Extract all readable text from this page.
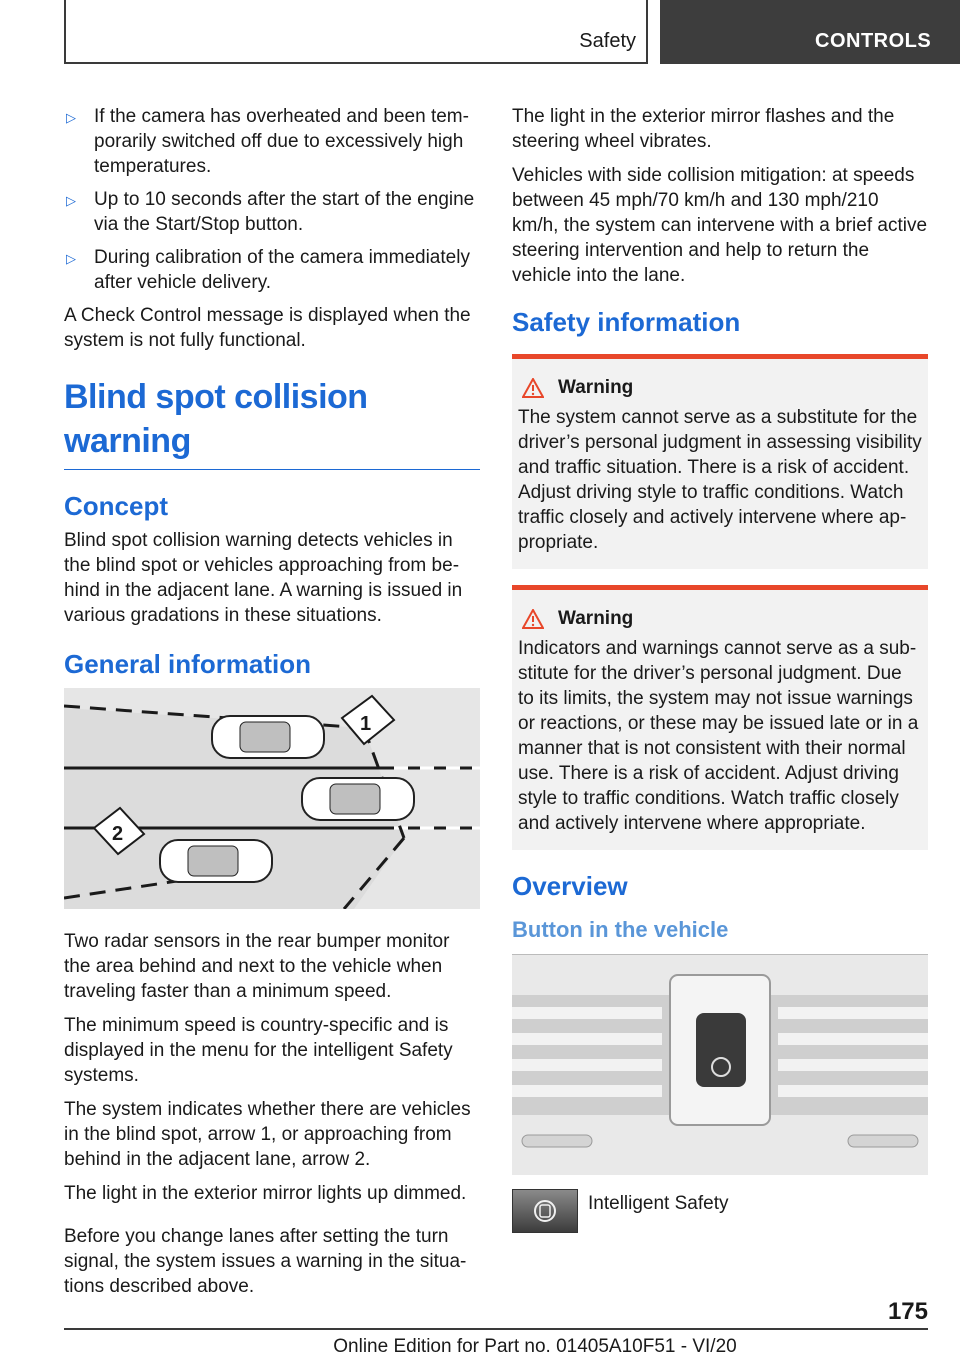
Safety	CONTROLS
▷ If the camera has overheated and been temporarily switched off due to excessively high temperatures.
▷ Up to 10 seconds after the start of the engine via the Start/Stop button.
▷ During calibration of the camera immediately after vehicle delivery.

A Check Control message is displayed when the system is not fully functional.

Blind spot collision warning
Concept

Blind spot collision warning detects vehicles in the blind spot or vehicles approaching from behind in the adjacent lane. A warning is issued in various gradations in these situations.

General information
1
2

Two radar sensors in the rear bumper monitor the area behind and next to the vehicle when traveling faster than a minimum speed.

The minimum speed is country-specific and is displayed in the menu for the intelligent Safety systems.

The system indicates whether there are vehicles in the blind spot, arrow 1, or approaching from behind in the adjacent lane, arrow 2.

The light in the exterior mirror lights up dimmed.

Before you change lanes after setting the turn signal, the system issues a warning in the situations described above.

The light in the exterior mirror flashes and the steering wheel vibrates.

Vehicles with side collision mitigation: at speeds between 45 mph/70 km/h and 130 mph/210 km/h, the system can intervene with a brief active steering intervention and help to return the vehicle into the lane.

Safety information
Warning

The system cannot serve as a substitute for the driver’s personal judgment in assessing visibility and traffic situation. There is a risk of accident. Adjust driving style to traffic conditions. Watch traffic closely and actively intervene where appropriate.

Warning

Indicators and warnings cannot serve as a substitute for the driver’s personal judgment. Due to its limits, the system may not issue warnings or reactions, or these may be issued late or in a manner that is not consistent with their normal use. There is a risk of accident. Adjust driving style to traffic conditions. Watch traffic closely and actively intervene where appropriate.

Overview
Button in the vehicle
Intelligent Safety
175
Online Edition for Part no. 01405A10F51 - VI/20
